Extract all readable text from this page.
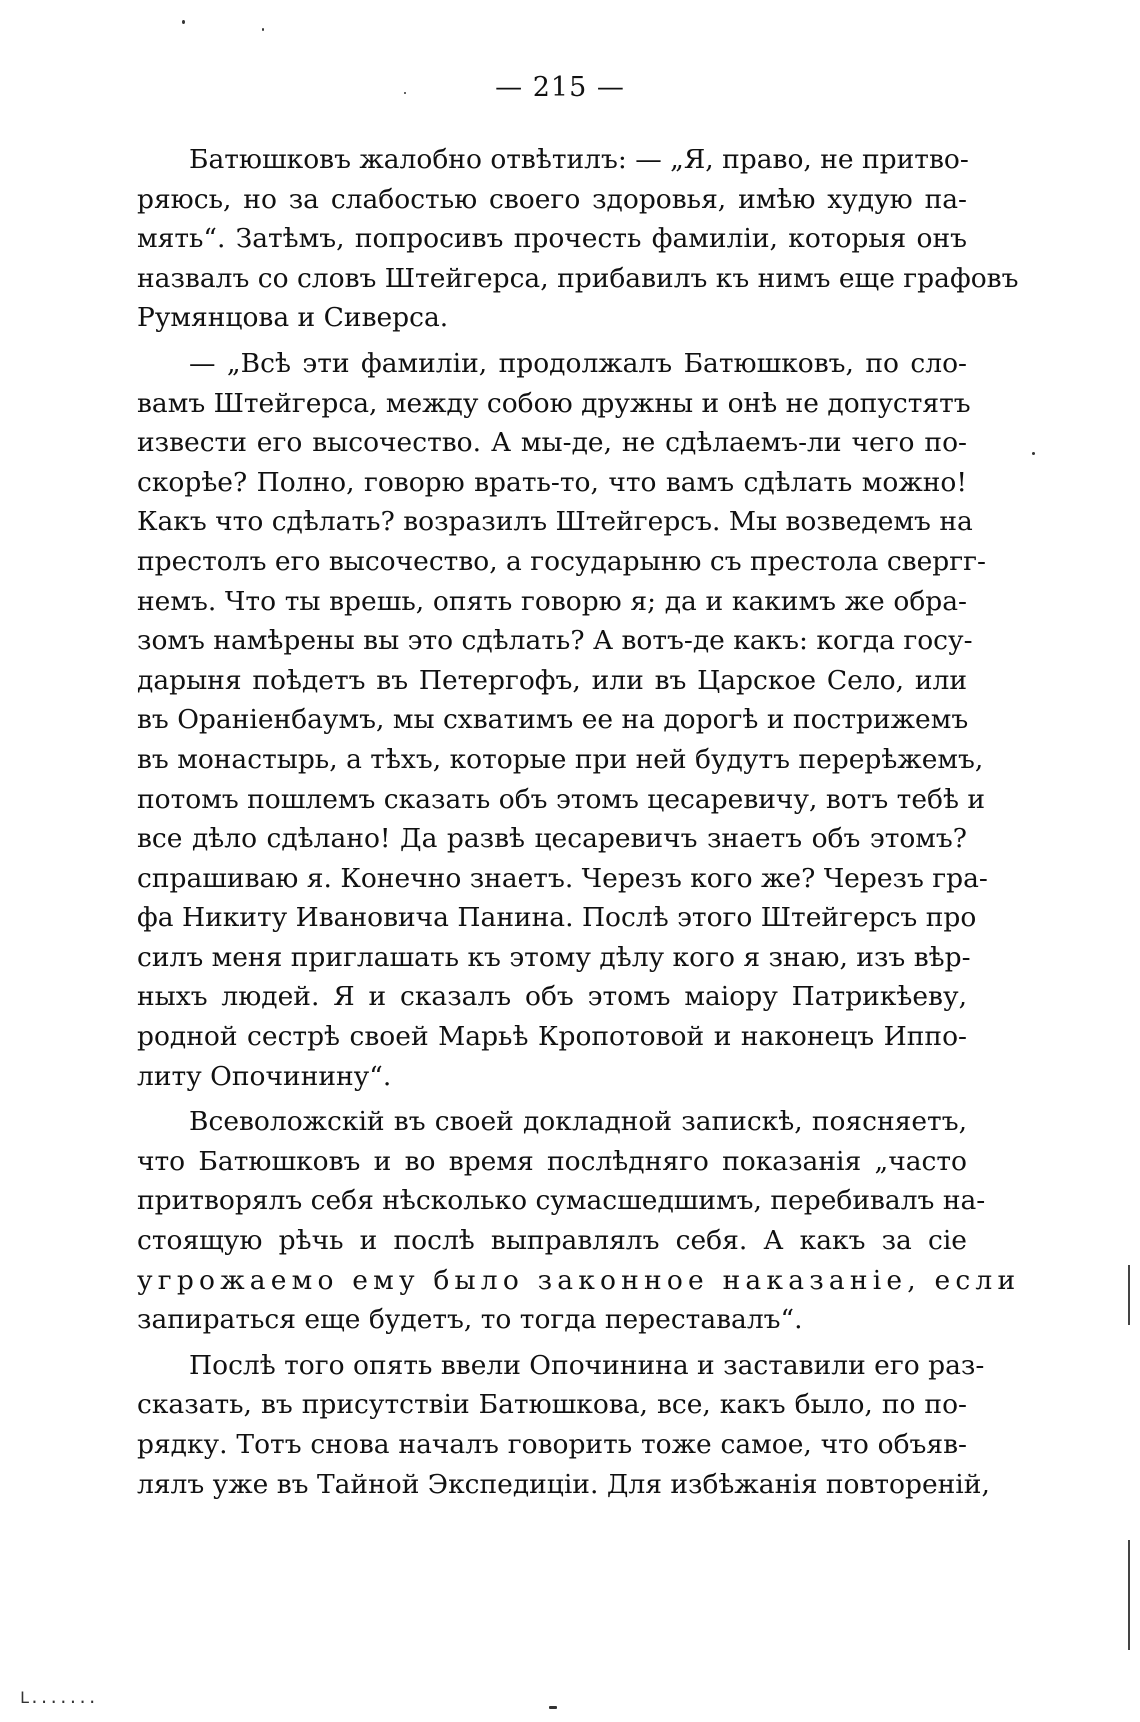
— 215 —
Батюшковъ жалобно отвѣтилъ: — „Я, право, не притво-
ряюсь, но за слабостью своего здоровья, имѣю худую па-
мять“. Затѣмъ, попросивъ прочесть фамиліи, которыя онъ
назвалъ со словъ Штейгерса, прибавилъ къ нимъ еще графовъ
Румянцова и Сиверса.
— „Всѣ эти фамиліи, продолжалъ Батюшковъ, по сло-
вамъ Штейгерса, между собою дружны и онѣ не допустятъ
извести его высочество. А мы-де, не сдѣлаемъ-ли чего по-
скорѣе? Полно, говорю врать-то, что вамъ сдѣлать можно!
Какъ что сдѣлать? возразилъ Штейгерсъ. Мы возведемъ на
престолъ его высочество, а государыню съ престола свергг-
немъ. Что ты врешь, опять говорю я; да и какимъ же обра-
зомъ намѣрены вы это сдѣлать? А вотъ-де какъ: когда госу-
дарыня поѣдетъ въ Петергофъ, или въ Царское Село, или
въ Ораніенбаумъ, мы схватимъ ее на дорогѣ и пострижемъ
въ монастырь, а тѣхъ, которые при ней будутъ перерѣжемъ,
потомъ пошлемъ сказать объ этомъ цесаревичу, вотъ тебѣ и
все дѣло сдѣлано! Да развѣ цесаревичъ знаетъ объ этомъ?
спрашиваю я. Конечно знаетъ. Черезъ кого же? Черезъ гра-
фа Никиту Ивановича Панина. Послѣ этого Штейгерсъ про
силъ меня приглашать къ этому дѣлу кого я знаю, изъ вѣр-
ныхъ людей. Я и сказалъ объ этомъ маіору Патрикѣеву,
родной сестрѣ своей Марьѣ Кропотовой и наконецъ Иппо-
литу Опочинину“.
Всеволожскій въ своей докладной запискѣ, поясняетъ,
что Батюшковъ и во время послѣдняго показанія „часто
притворялъ себя нѣсколько сумасшедшимъ, перебивалъ на-
стоящую рѣчь и послѣ выправлялъ себя. А какъ за сіе
угрожаемо ему было законное наказаніе, если
запираться еще будетъ, то тогда переставалъ“.
Послѣ того опять ввели Опочинина и заставили его раз-
сказать, въ присутствіи Батюшкова, все, какъ было, по по-
рядку. Тотъ снова началъ говорить тоже самое, что объяв-
лялъ уже въ Тайной Экспедиціи. Для избѣжанія повтореній,
L.......
